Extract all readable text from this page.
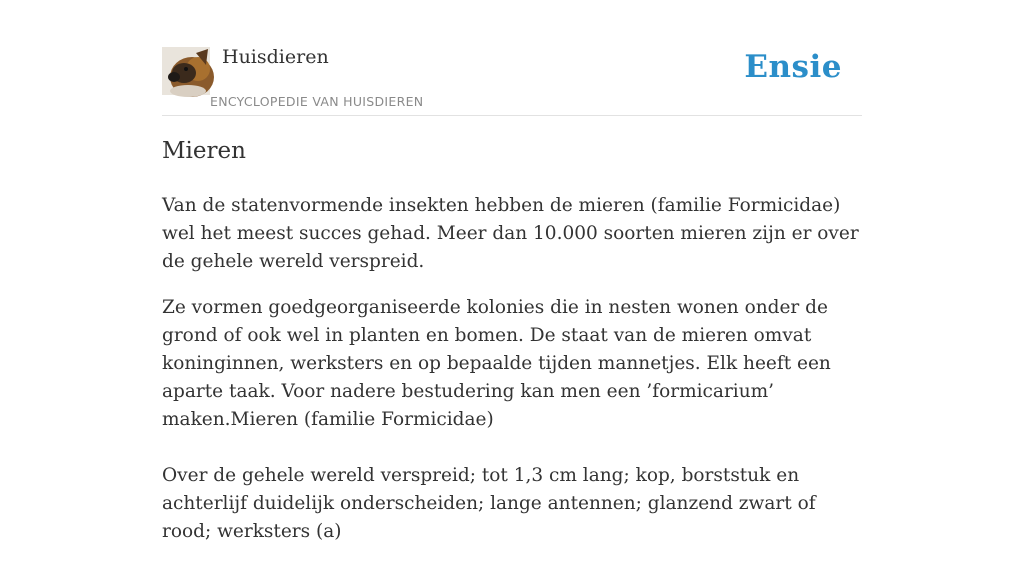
Huisdieren
ENCYCLOPEDIE VAN HUISDIEREN
Ensie
Mieren

Van de statenvormende insekten hebben de mieren (familie Formicidae) wel het meest succes gehad. Meer dan 10.000 soorten mieren zijn er over de gehele wereld verspreid.

Ze vormen goedgeorganiseerde kolonies die in nesten wonen onder de grond of ook wel in planten en bomen. De staat van de mieren omvat koninginnen, werksters en op bepaalde tijden mannetjes. Elk heeft een aparte taak. Voor nadere bestudering kan men een ’formicarium’ maken.Mieren (familie Formicidae)

Over de gehele wereld verspreid; tot 1,3 cm lang; kop, borststuk en achterlijf duidelijk onderscheiden; lange antennen; glanzend zwart of rood; werksters (a)
